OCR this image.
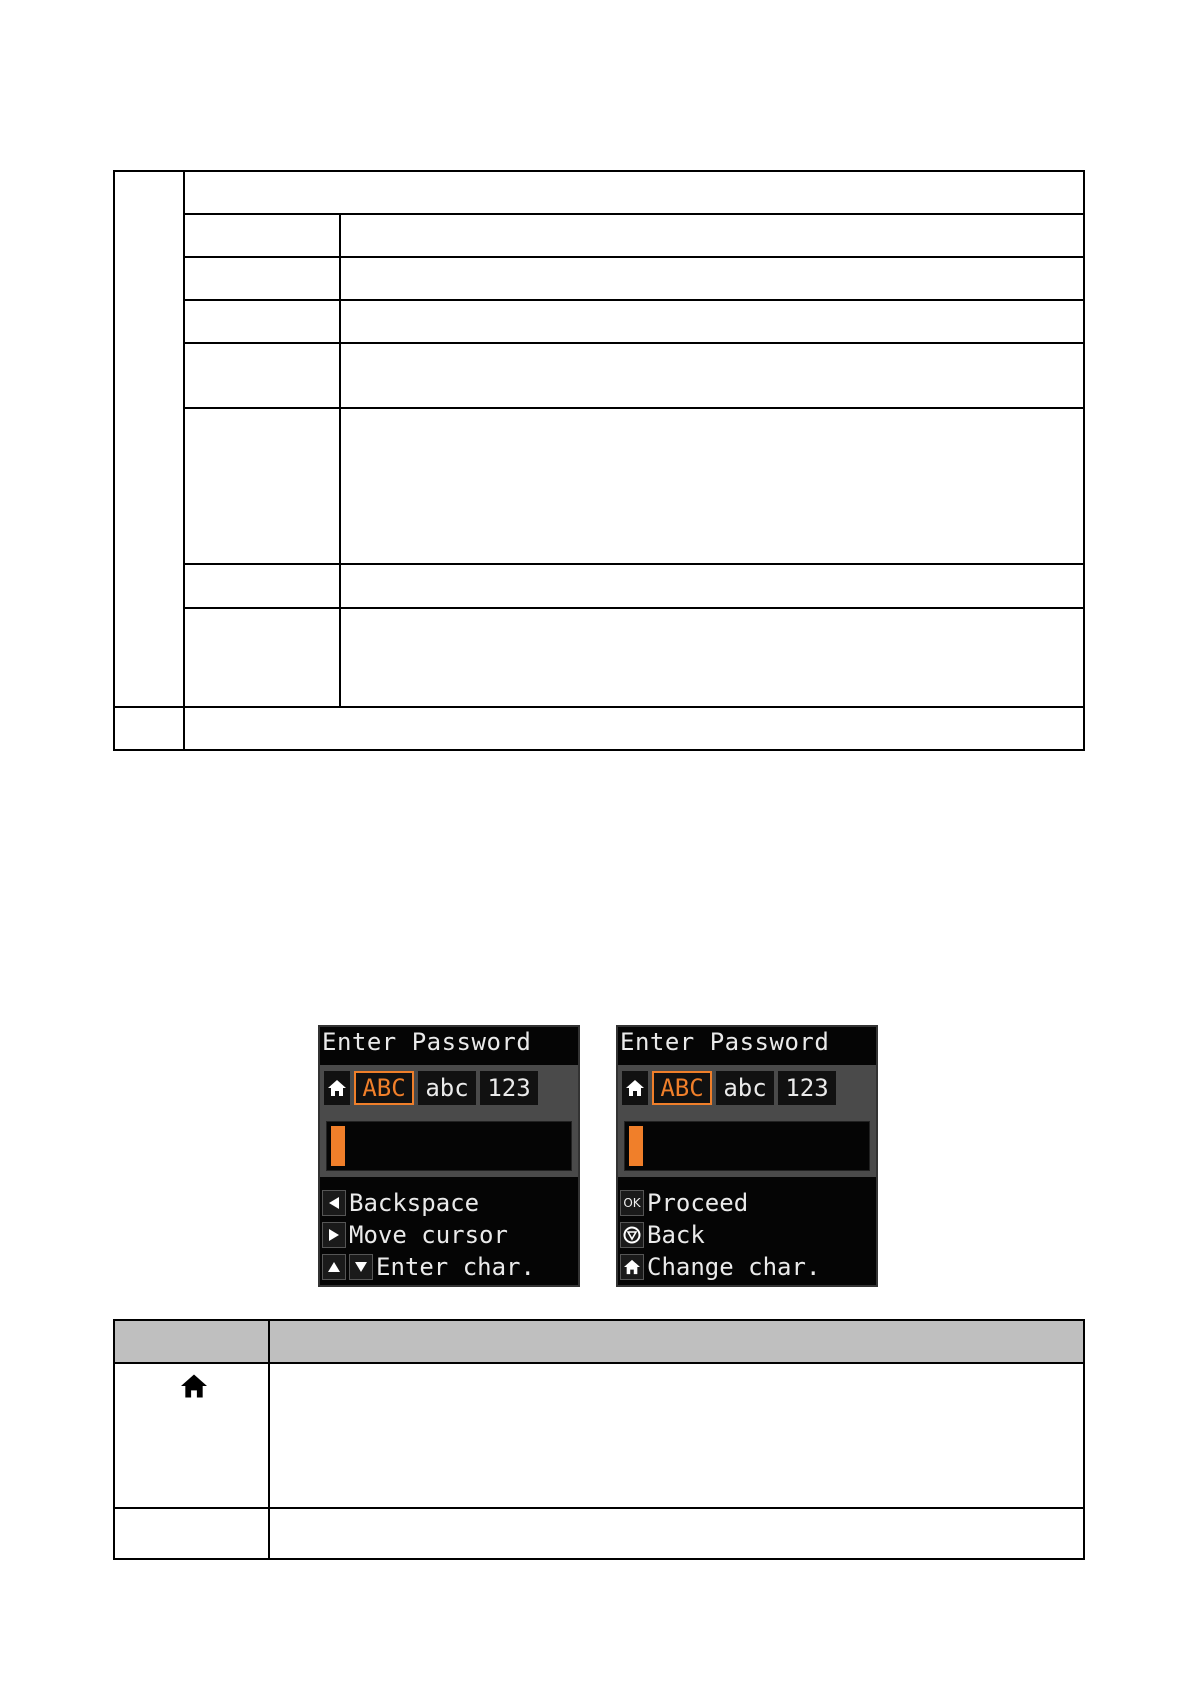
Enter Password
ABC abc 123
Backspace
Move cursor
Enter char.
Enter Password
ABC abc 123
OK Proceed
Back
Change char.
